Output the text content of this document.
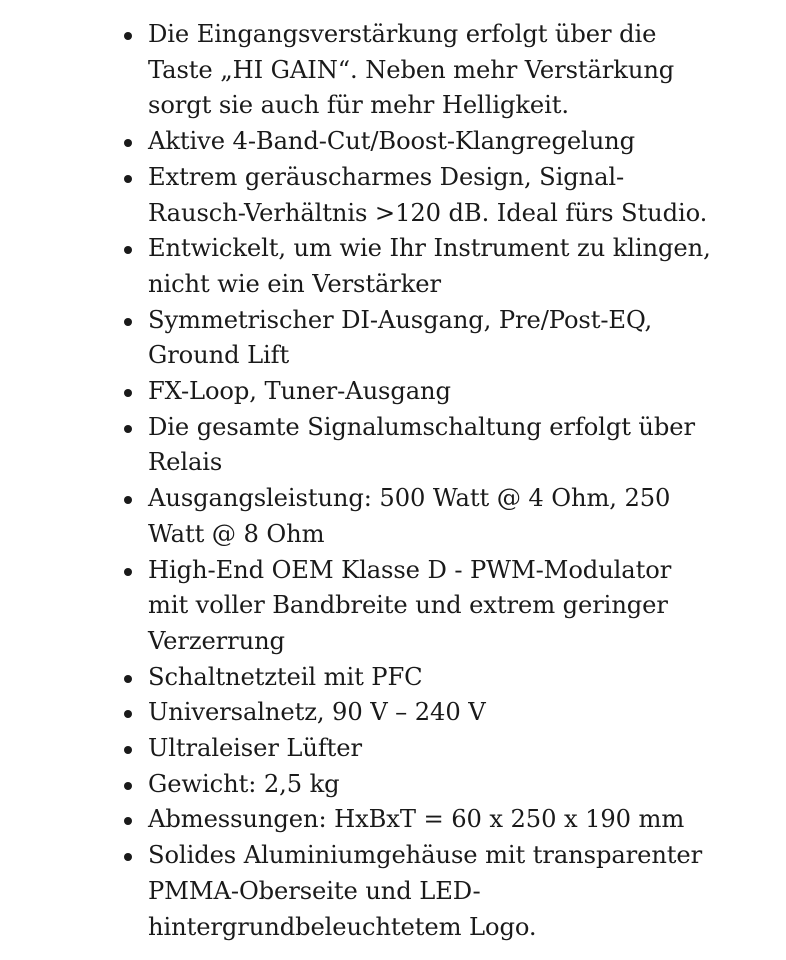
Die Eingangsverstärkung erfolgt über die
Taste „HI GAIN“. Neben mehr Verstärkung
sorgt sie auch für mehr Helligkeit.
Aktive 4-Band-Cut/Boost-Klangregelung
Extrem geräuscharmes Design, Signal-
Rausch-Verhältnis >120 dB. Ideal fürs Studio.
Entwickelt, um wie Ihr Instrument zu klingen,
nicht wie ein Verstärker
Symmetrischer DI-Ausgang, Pre/Post-EQ,
Ground Lift
FX-Loop, Tuner-Ausgang
Die gesamte Signalumschaltung erfolgt über
Relais
Ausgangsleistung: 500 Watt @ 4 Ohm, 250
Watt @ 8 Ohm
High-End OEM Klasse D - PWM-Modulator
mit voller Bandbreite und extrem geringer
Verzerrung
Schaltnetzteil mit PFC
Universalnetz, 90 V – 240 V
Ultraleiser Lüfter
Gewicht: 2,5 kg
Abmessungen: HxBxT = 60 x 250 x 190 mm
Solides Aluminiumgehäuse mit transparenter
PMMA-Oberseite und LED-
hintergrundbeleuchtetem Logo.
